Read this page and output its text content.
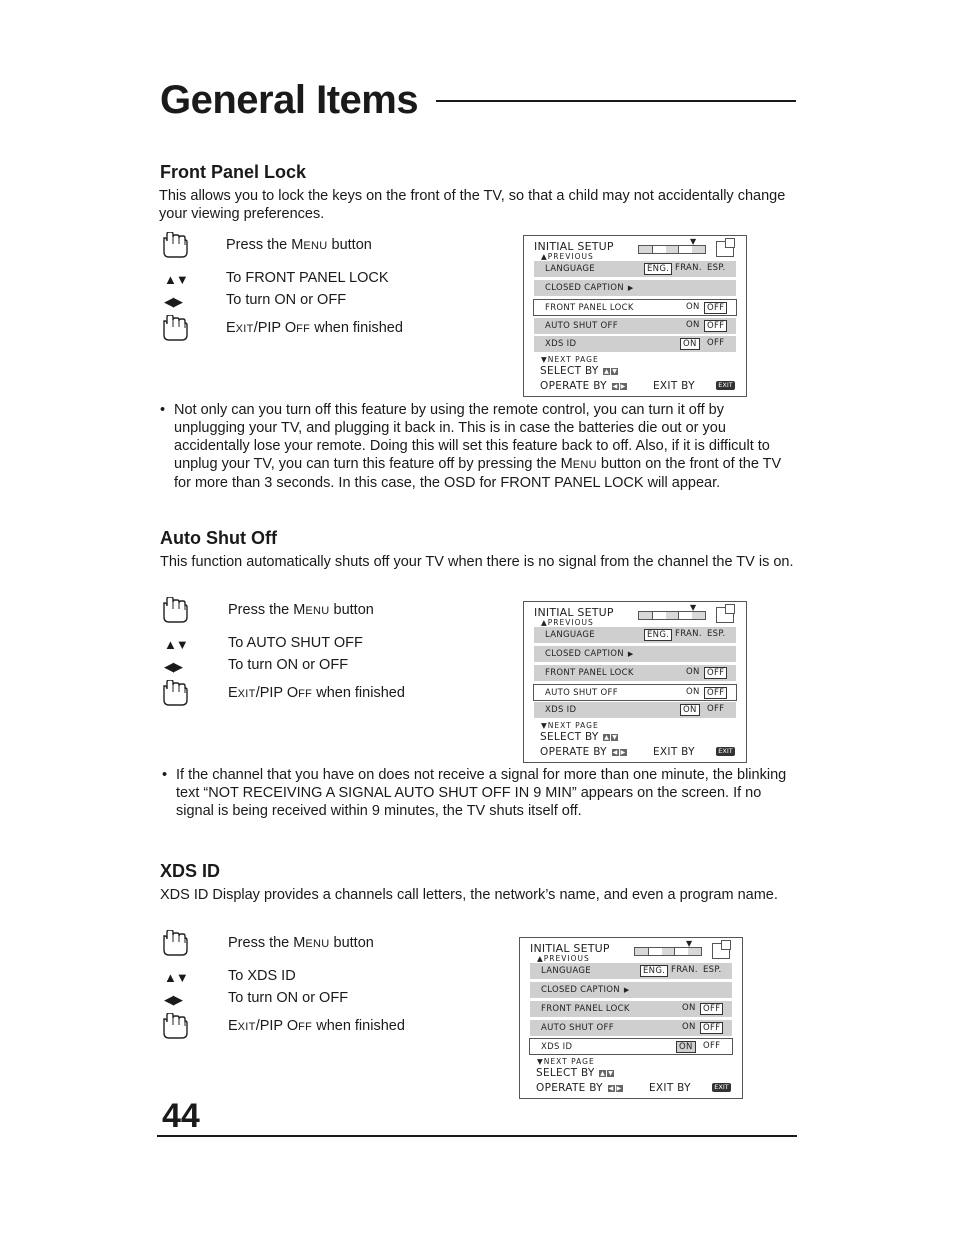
General Items
Front Panel Lock

This allows you to lock the keys on the front of the TV, so that a child may not accidentally change your viewing preferences.

Press the MENU button
▲▼	To FRONT PANEL LOCK
◀▶	To turn ON or OFF
EXIT/PIP OFF when finished
• Not only can you turn off this feature by using the remote control, you can turn it off by unplugging your TV, and plugging it back in. This is in case the batteries die out or you accidentally lose your remote. Doing this will set this feature back to off. Also, if it is difficult to unplug your TV, you can turn this feature off by pressing the MENU button on the front of the TV for more than 3 seconds. In this case, the OSD for FRONT PANEL LOCK will appear.
INITIAL SETUP
▲PREVIOUS
▼
LANGUAGE	ENG. FRAN. ESP.
CLOSED CAPTION ▶
FRONT PANEL LOCK	ON OFF
AUTO SHUT OFF	ON OFF
XDS ID	ON	OFF
▼NEXT PAGE
SELECT BY ▲ ▼
OPERATE BY ◀ ▶	EXIT BY	EXIT
Auto Shut Off

This function automatically shuts off your TV when there is no signal from the channel the TV is on.

Press the MENU button
▲▼	To AUTO SHUT OFF
◀▶	To turn ON or OFF
EXIT/PIP OFF when finished
• If the channel that you have on does not receive a signal for more than one minute, the blinking text “NOT RECEIVING A SIGNAL AUTO SHUT OFF IN 9 MIN” appears on the screen. If no signal is being received within 9 minutes, the TV shuts itself off.
INITIAL SETUP
▲PREVIOUS
▼
LANGUAGE	ENG. FRAN. ESP.
CLOSED CAPTION ▶
FRONT PANEL LOCK	ON OFF
AUTO SHUT OFF	ON OFF
XDS ID	ON	OFF
▼NEXT PAGE
SELECT BY ▲ ▼
OPERATE BY ◀ ▶	EXIT BY	EXIT
XDS ID

XDS ID Display provides a channels call letters, the network’s name, and even a program name.

Press the MENU button
▲▼	To XDS ID
◀▶	To turn ON or OFF
EXIT/PIP OFF when finished
INITIAL SETUP
▲PREVIOUS
▼
LANGUAGE	ENG. FRAN. ESP.
CLOSED CAPTION ▶
FRONT PANEL LOCK	ON OFF
AUTO SHUT OFF	ON OFF
XDS ID	ON	OFF
▼NEXT PAGE
SELECT BY ▲ ▼
OPERATE BY ◀ ▶	EXIT BY	EXIT
44
